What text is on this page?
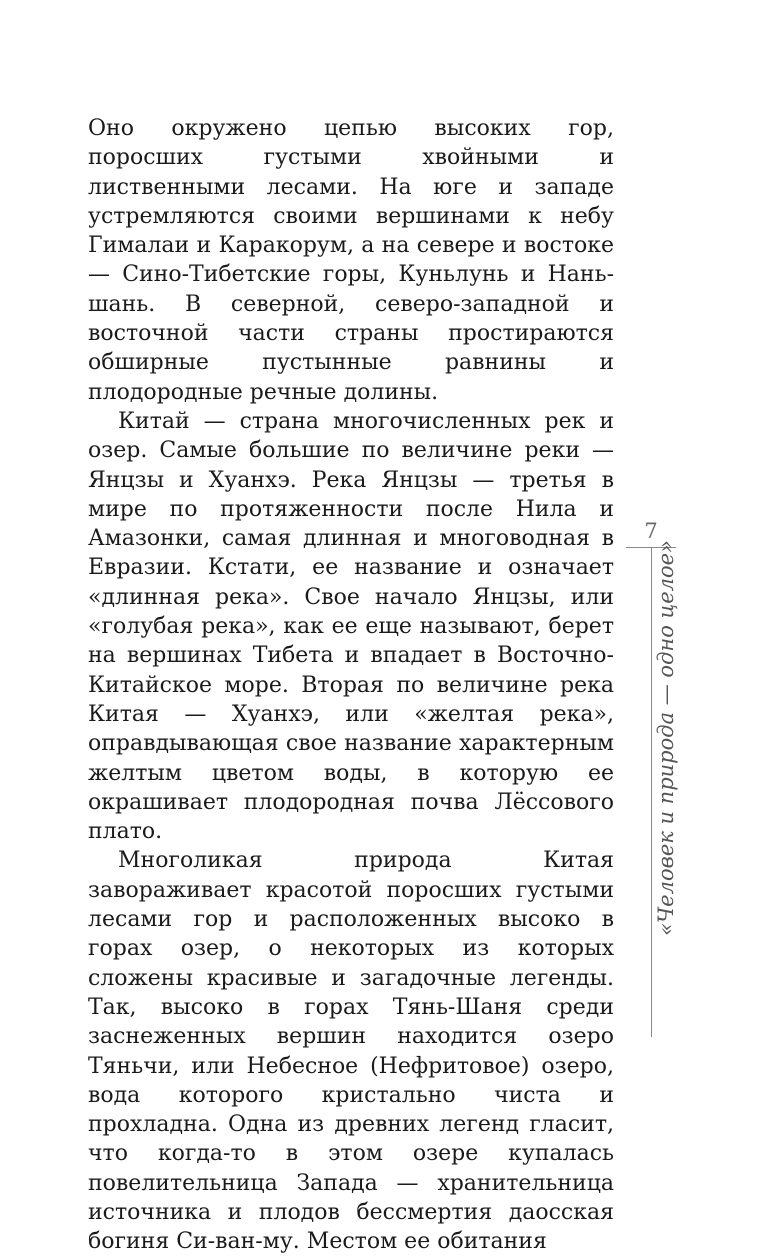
Оно окружено цепью высоких гор, поросших густыми хвойными и лиственными лесами. На юге и западе устремляются своими вершинами к небу Гималаи и Каракорум, а на севере и востоке — Сино-Тибетские горы, Куньлунь и Наньшань. В северной, северо-западной и восточной части страны простираются обширные пустынные равнины и плодородные речные долины.

Китай — страна многочисленных рек и озер. Самые большие по величине реки — Янцзы и Хуанхэ. Река Янцзы — третья в мире по протяженности после Нила и Амазонки, самая длинная и многоводная в Евразии. Кстати, ее название и означает «длинная река». Свое начало Янцзы, или «голубая река», как ее еще называют, берет на вершинах Тибета и впадает в Восточно-Китайское море. Вторая по величине река Китая — Хуанхэ, или «желтая река», оправдывающая свое название характерным желтым цветом воды, в которую ее окрашивает плодородная почва Лёссового плато.

Многоликая природа Китая завораживает красотой поросших густыми лесами гор и расположенных высоко в горах озер, о некоторых из которых сложены красивые и загадочные легенды. Так, высоко в горах Тянь-Шаня среди заснеженных вершин находится озеро Тяньчи, или Небесное (Нефритовое) озеро, вода которого кристально чиста и прохладна. Одна из древних легенд гласит, что когда-то в этом озере купалась повелительница Запада — хранительница источника и плодов бессмертия даосская богиня Си-ван-му. Местом ее обитания

7
«Человек и природа — одно целое»
